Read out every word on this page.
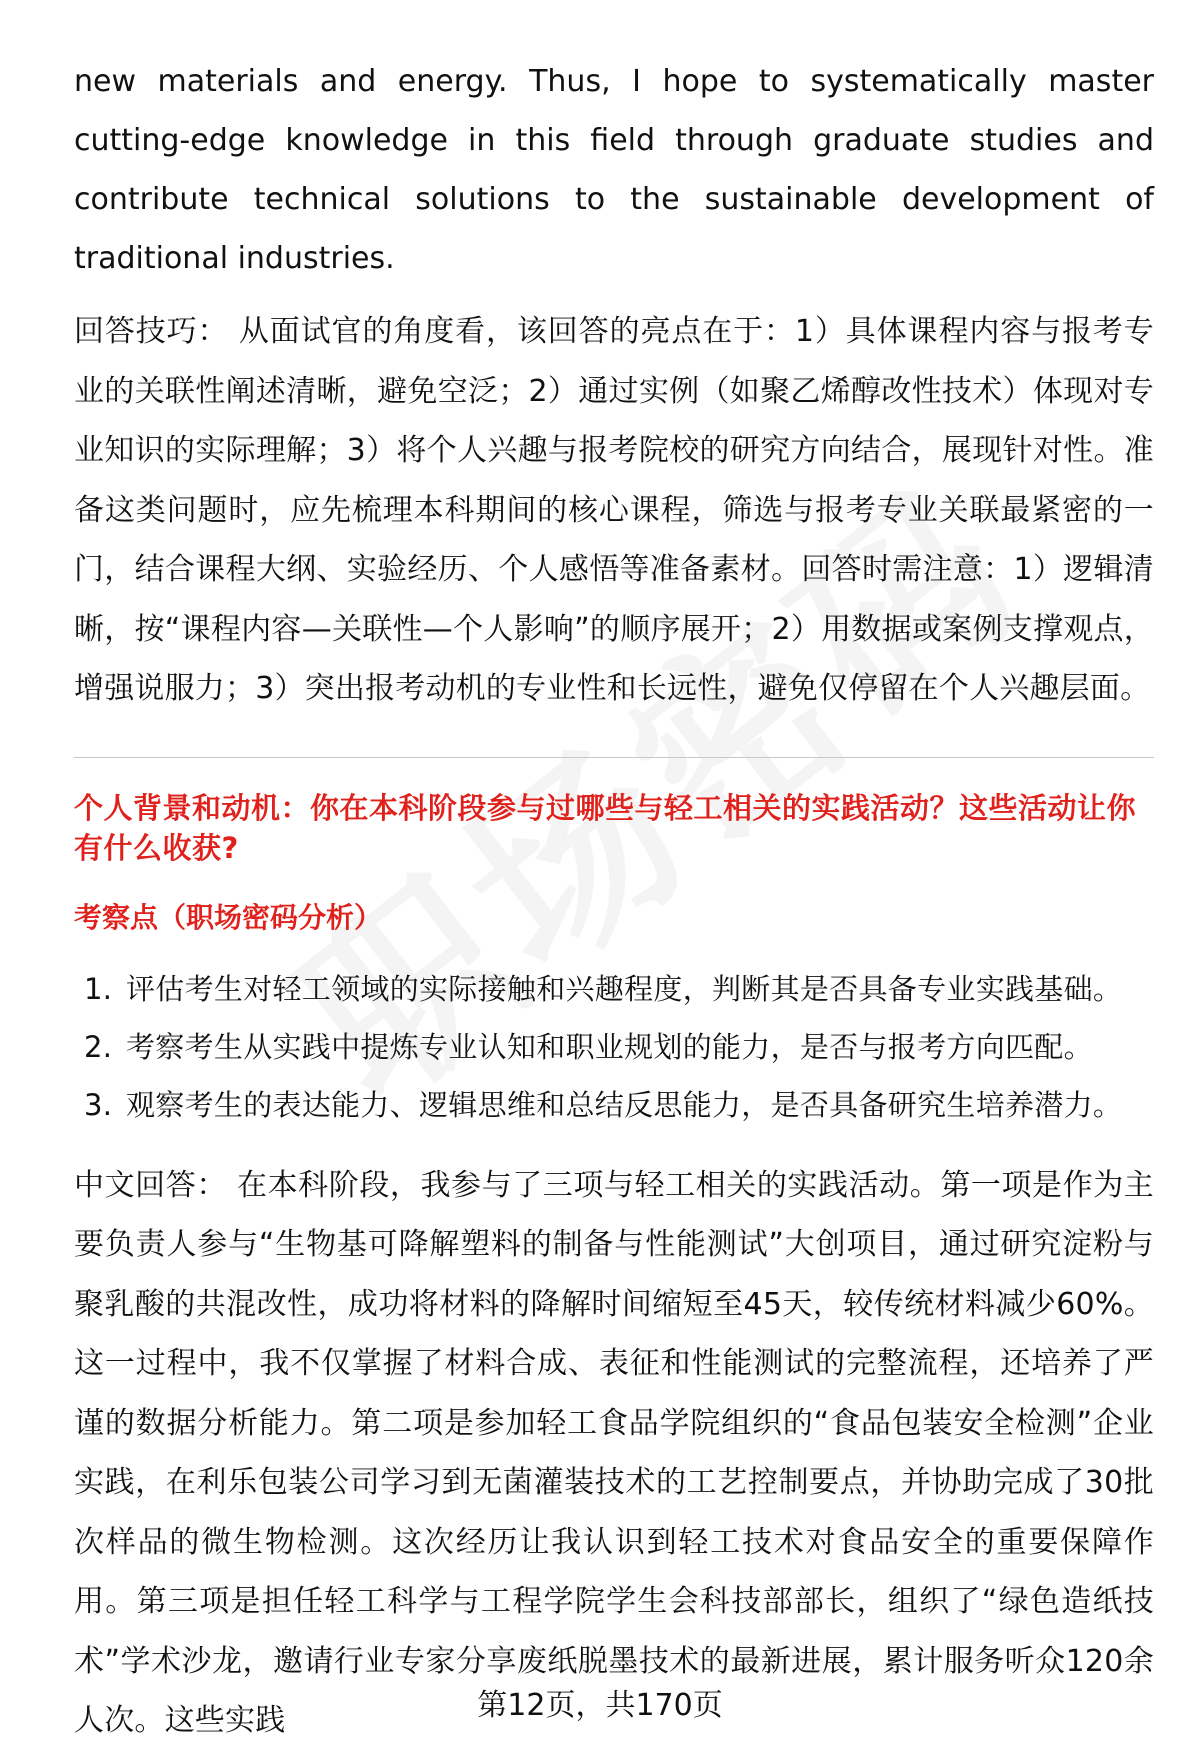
new materials and energy. Thus, I hope to systematically master cutting-edge knowledge in this field through graduate studies and contribute technical solutions to the sustainable development of traditional industries.

回答技巧： 从面试官的角度看，该回答的亮点在于：1）具体课程内容与报考专业的关联性阐述清晰，避免空泛；2）通过实例（如聚乙烯醇改性技术）体现对专业知识的实际理解；3）将个人兴趣与报考院校的研究方向结合，展现针对性。准备这类问题时，应先梳理本科期间的核心课程，筛选与报考专业关联最紧密的一门，结合课程大纲、实验经历、个人感悟等准备素材。回答时需注意：1）逻辑清晰，按“课程内容—关联性—个人影响”的顺序展开；2）用数据或案例支撑观点，增强说服力；3）突出报考动机的专业性和长远性，避免仅停留在个人兴趣层面。

个人背景和动机：你在本科阶段参与过哪些与轻工相关的实践活动？这些活动让你有什么收获?
考察点（职场密码分析）
1. 评估考生对轻工领域的实际接触和兴趣程度，判断其是否具备专业实践基础。
2. 考察考生从实践中提炼专业认知和职业规划的能力，是否与报考方向匹配。
3. 观察考生的表达能力、逻辑思维和总结反思能力，是否具备研究生培养潜力。

中文回答： 在本科阶段，我参与了三项与轻工相关的实践活动。第一项是作为主要负责人参与“生物基可降解塑料的制备与性能测试”大创项目，通过研究淀粉与聚乳酸的共混改性，成功将材料的降解时间缩短至45天，较传统材料减少60%。这一过程中，我不仅掌握了材料合成、表征和性能测试的完整流程，还培养了严谨的数据分析能力。第二项是参加轻工食品学院组织的“食品包装安全检测”企业实践，在利乐包装公司学习到无菌灌装技术的工艺控制要点，并协助完成了30批次样品的微生物检测。这次经历让我认识到轻工技术对食品安全的重要保障作用。第三项是担任轻工科学与工程学院学生会科技部部长，组织了“绿色造纸技术”学术沙龙，邀请行业专家分享废纸脱墨技术的最新进展，累计服务听众120余人次。这些实践	第12页，共170页
